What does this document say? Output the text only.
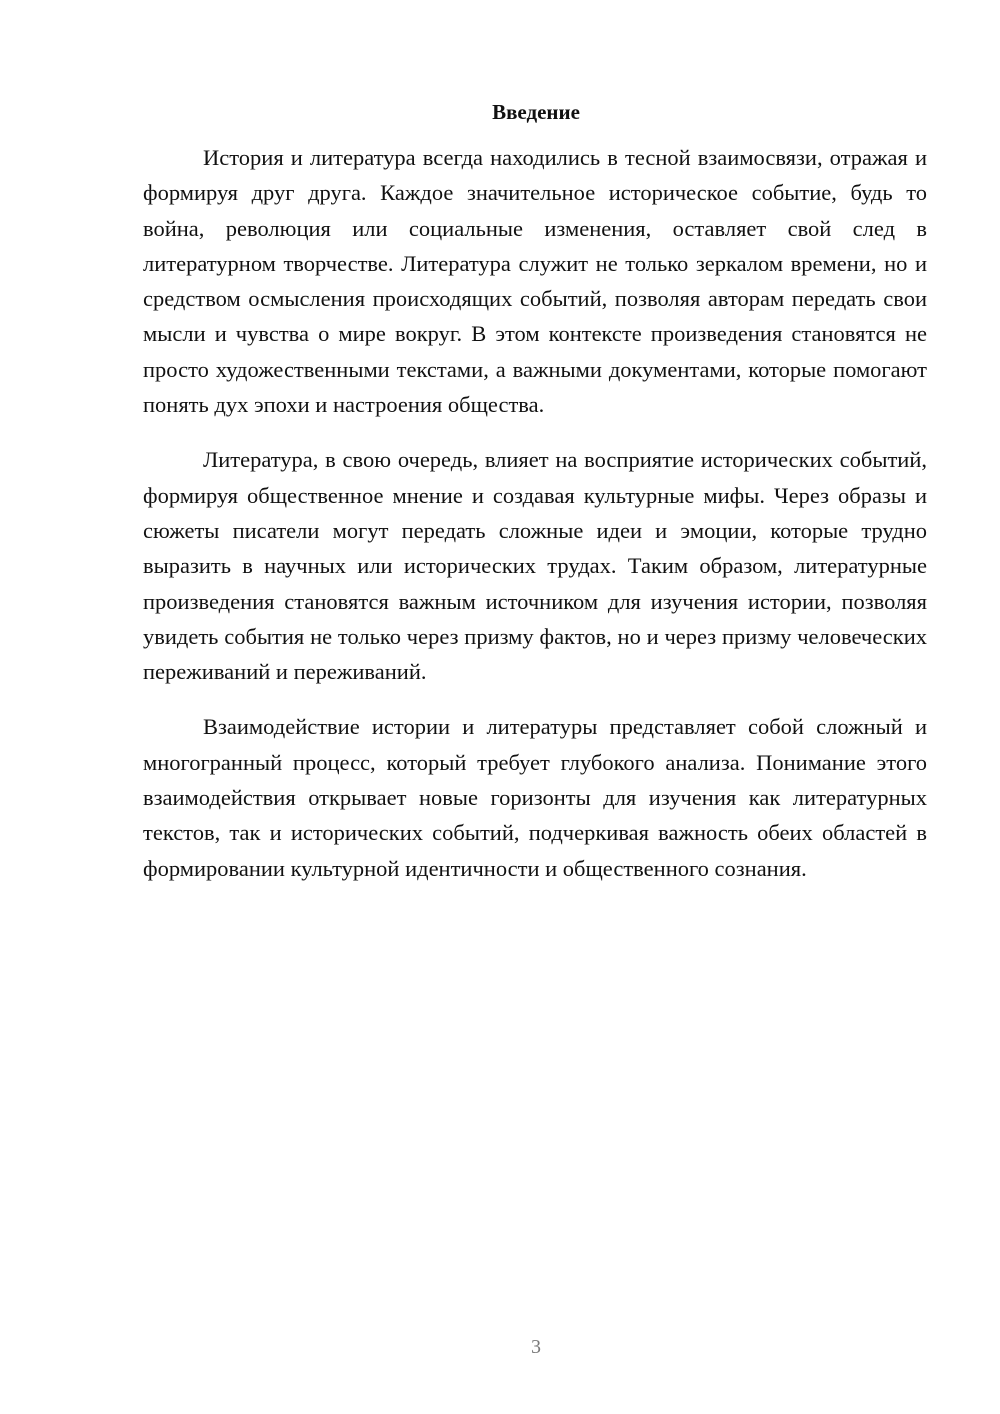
Введение

История и литература всегда находились в тесной взаимосвязи, отражая и формируя друг друга. Каждое значительное историческое событие, будь то война, революция или социальные изменения, оставляет свой след в литературном творчестве. Литература служит не только зеркалом времени, но и средством осмысления происходящих событий, позволяя авторам передать свои мысли и чувства о мире вокруг. В этом контексте произведения становятся не просто художественными текстами, а важными документами, которые помогают понять дух эпохи и настроения общества.

Литература, в свою очередь, влияет на восприятие исторических событий, формируя общественное мнение и создавая культурные мифы. Через образы и сюжеты писатели могут передать сложные идеи и эмоции, которые трудно выразить в научных или исторических трудах. Таким образом, литературные произведения становятся важным источником для изучения истории, позволяя увидеть события не только через призму фактов, но и через призму человеческих переживаний и переживаний.

Взаимодействие истории и литературы представляет собой сложный и многогранный процесс, который требует глубокого анализа. Понимание этого взаимодействия открывает новые горизонты для изучения как литературных текстов, так и исторических событий, подчеркивая важность обеих областей в формировании культурной идентичности и общественного сознания.

3
